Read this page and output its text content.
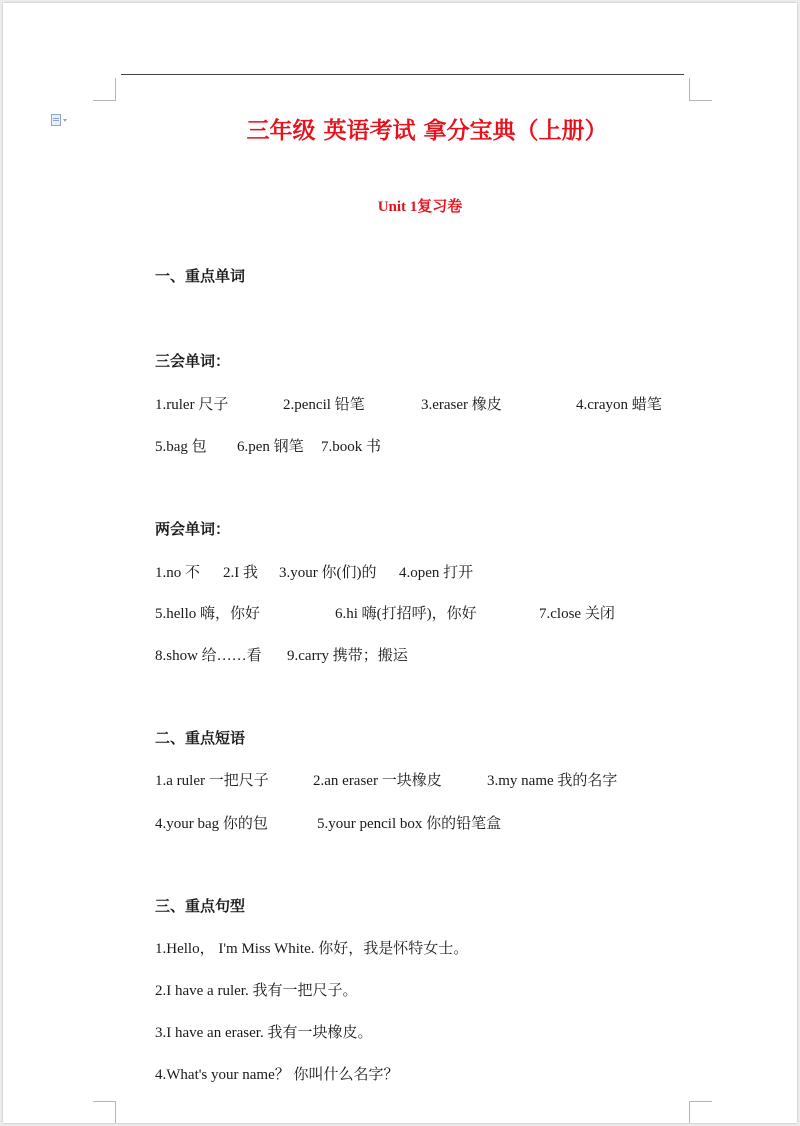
三年级 英语考试 拿分宝典（上册）
Unit 1复习卷
一、重点单词
三会单词：
1.ruler 尺子	2.pencil 铅笔	3.eraser 橡皮	4.crayon 蜡笔
5.bag 包 6.pen 钢笔 7.book 书
两会单词：
1.no 不 2.I 我 3.your 你(们)的 4.open 打开
5.hello 嗨，你好	6.hi 嗨(打招呼)，你好	7.close 关闭
8.show 给……看 9.carry 携带；搬运
二、重点短语
1.a ruler 一把尺子	2.an eraser 一块橡皮	3.my name 我的名字
4.your bag 你的包	5.your pencil box 你的铅笔盒
三、重点句型
1.Hello， I'm Miss White. 你好，我是怀特女士。
2.I have a ruler. 我有一把尺子。
3.I have an eraser. 我有一块橡皮。
4.What's your name？ 你叫什么名字？
